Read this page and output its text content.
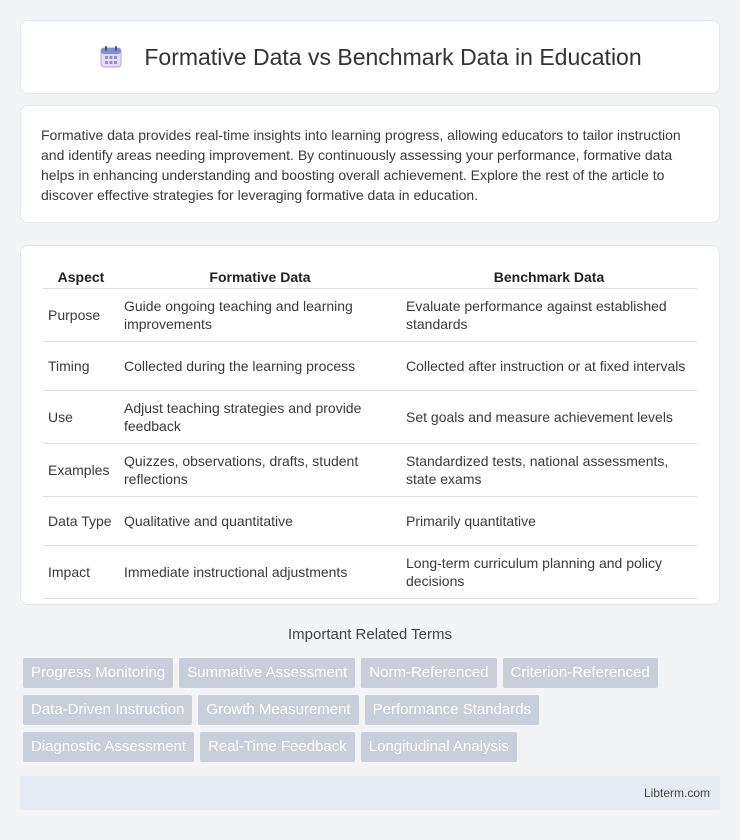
Formative Data vs Benchmark Data in Education

Formative data provides real-time insights into learning progress, allowing educators to tailor instruction and identify areas needing improvement. By continuously assessing your performance, formative data helps in enhancing understanding and boosting overall achievement. Explore the rest of the article to discover effective strategies for leveraging formative data in education.

Aspect	Formative Data	Benchmark Data
Purpose	Guide ongoing teaching and learning improvements	Evaluate performance against established standards
Timing	Collected during the learning process	Collected after instruction or at fixed intervals
Use	Adjust teaching strategies and provide feedback	Set goals and measure achievement levels
Examples	Quizzes, observations, drafts, student reflections	Standardized tests, national assessments, state exams
Data Type	Qualitative and quantitative	Primarily quantitative
Impact	Immediate instructional adjustments	Long-term curriculum planning and policy decisions
Important Related Terms
Progress Monitoring	Summative Assessment	Norm-Referenced	Criterion-Referenced
Data-Driven Instruction	Growth Measurement	Performance Standards
Diagnostic Assessment	Real-Time Feedback	Longitudinal Analysis
Libterm.com
